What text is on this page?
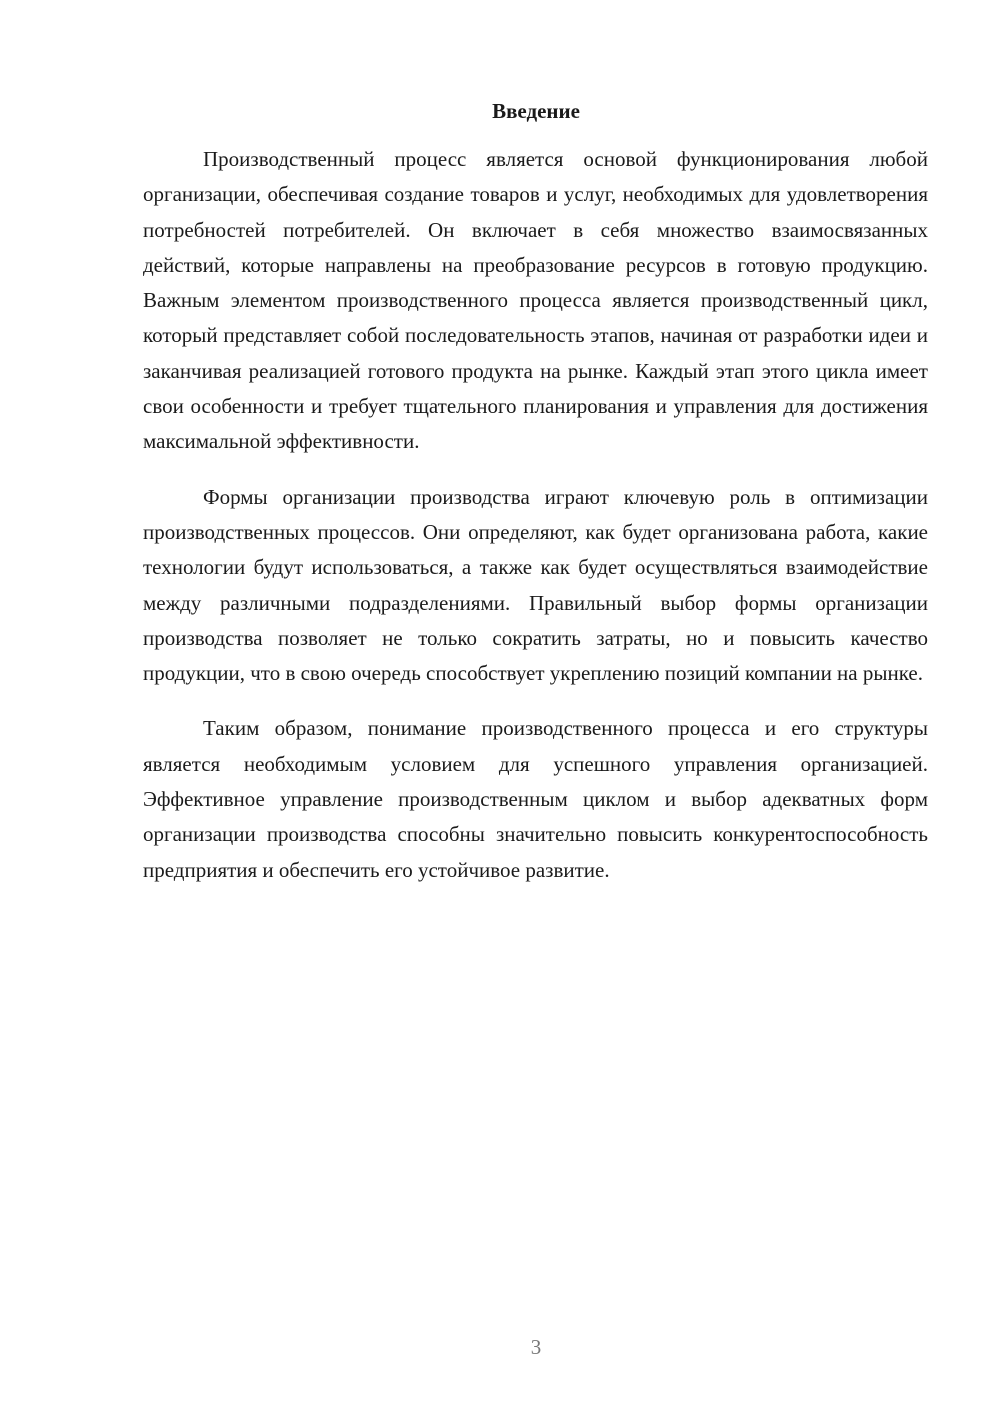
Введение

Производственный процесс является основой функционирования любой организации, обеспечивая создание товаров и услуг, необходимых для удовлетворения потребностей потребителей. Он включает в себя множество взаимосвязанных действий, которые направлены на преобразование ресурсов в готовую продукцию. Важным элементом производственного процесса является производственный цикл, который представляет собой последовательность этапов, начиная от разработки идеи и заканчивая реализацией готового продукта на рынке. Каждый этап этого цикла имеет свои особенности и требует тщательного планирования и управления для достижения максимальной эффективности.

Формы организации производства играют ключевую роль в оптимизации производственных процессов. Они определяют, как будет организована работа, какие технологии будут использоваться, а также как будет осуществляться взаимодействие между различными подразделениями. Правильный выбор формы организации производства позволяет не только сократить затраты, но и повысить качество продукции, что в свою очередь способствует укреплению позиций компании на рынке.

Таким образом, понимание производственного процесса и его структуры является необходимым условием для успешного управления организацией. Эффективное управление производственным циклом и выбор адекватных форм организации производства способны значительно повысить конкурентоспособность предприятия и обеспечить его устойчивое развитие.

3
